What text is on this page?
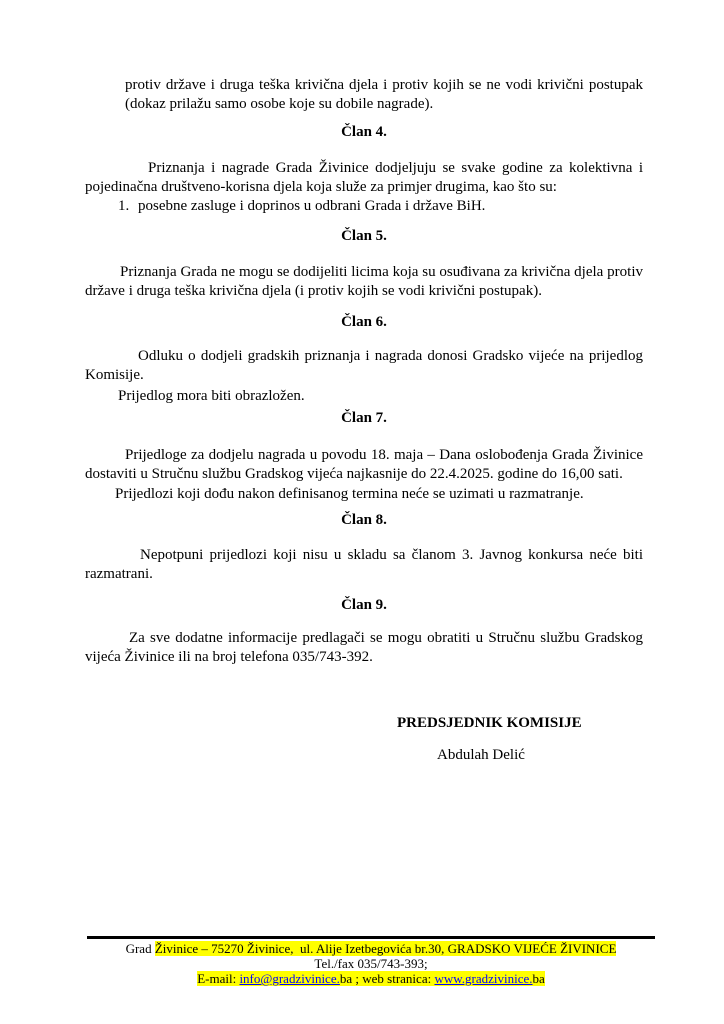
protiv države i druga teška krivična djela i protiv kojih se ne vodi krivični postupak
(dokaz prilažu samo osobe koje su dobile nagrade).
Član 4.
Priznanja i nagrade Grada Živinice dodjeljuju se svake godine za kolektivna i
pojedinačna društveno-korisna djela koja služe za primjer drugima, kao što su:
1. posebne zasluge i doprinos u odbrani Grada i države BiH.
Član 5.
Priznanja Grada ne mogu se dodijeliti licima koja su osuđivana za krivična djela protiv
države i druga teška krivična djela (i protiv kojih se vodi krivični postupak).
Član 6.
Odluku o dodjeli gradskih priznanja i nagrada donosi Gradsko vijeće na prijedlog
Komisije.
Prijedlog mora biti obrazložen.
Član 7.
Prijedloge za dodjelu nagrada u povodu 18. maja – Dana oslobođenja Grada Živinice
dostaviti u Stručnu službu Gradskog vijeća najkasnije do 22.4.2025. godine do 16,00 sati.
Prijedlozi koji dođu nakon definisanog termina neće se uzimati u razmatranje.
Član 8.
Nepotpuni prijedlozi koji nisu u skladu sa članom 3. Javnog konkursa neće biti
razmatrani.
Član 9.
Za sve dodatne informacije predlagači se mogu obratiti u Stručnu službu Gradskog
vijeća Živinice ili na broj telefona 035/743-392.
PREDSJEDNIK KOMISIJE
Abdulah Delić
Grad Živinice – 75270 Živinice,  ul. Alije Izetbegovića br.30, GRADSKO VIJEĆE ŽIVINICE
Tel./fax 035/743-393;
E-mail: info@gradzivinice.ba ; web stranica: www.gradzivinice.ba
